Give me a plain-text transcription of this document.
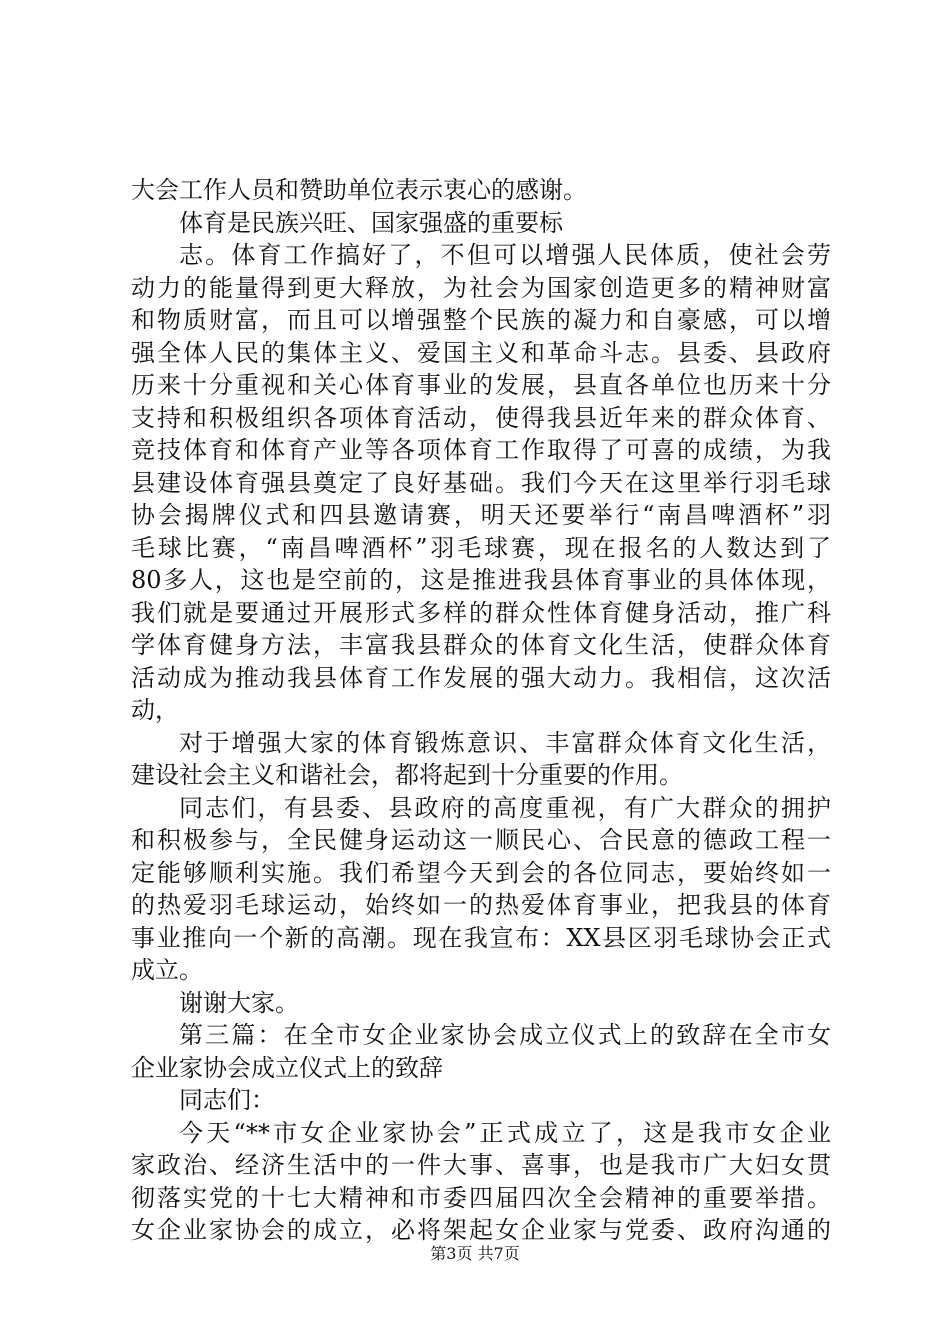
大会工作人员和赞助单位表示衷心的感谢。
体育是民族兴旺、国家强盛的重要标
志。体育工作搞好了，不但可以增强人民体质，使社会劳
动力的能量得到更大释放，为社会为国家创造更多的精神财富
和物质财富，而且可以增强整个民族的凝力和自豪感，可以增
强全体人民的集体主义、爱国主义和革命斗志。县委、县政府
历来十分重视和关心体育事业的发展，县直各单位也历来十分
支持和积极组织各项体育活动，使得我县近年来的群众体育、
竞技体育和体育产业等各项体育工作取得了可喜的成绩，为我
县建设体育强县奠定了良好基础。我们今天在这里举行羽毛球
协会揭牌仪式和四县邀请赛，明天还要举行“南昌啤酒杯”羽
毛球比赛，“南昌啤酒杯”羽毛球赛，现在报名的人数达到了
80多人，这也是空前的，这是推进我县体育事业的具体体现，
我们就是要通过开展形式多样的群众性体育健身活动，推广科
学体育健身方法，丰富我县群众的体育文化生活，使群众体育
活动成为推动我县体育工作发展的强大动力。我相信，这次活
动，
对于增强大家的体育锻炼意识、丰富群众体育文化生活，
建设社会主义和谐社会，都将起到十分重要的作用。
同志们，有县委、县政府的高度重视，有广大群众的拥护
和积极参与，全民健身运动这一顺民心、合民意的德政工程一
定能够顺利实施。我们希望今天到会的各位同志，要始终如一
的热爱羽毛球运动，始终如一的热爱体育事业，把我县的体育
事业推向一个新的高潮。现在我宣布：XX县区羽毛球协会正式
成立。
谢谢大家。
第三篇：在全市女企业家协会成立仪式上的致辞在全市女
企业家协会成立仪式上的致辞
同志们：
今天“**市女企业家协会”正式成立了，这是我市女企业
家政治、经济生活中的一件大事、喜事，也是我市广大妇女贯
彻落实党的十七大精神和市委四届四次全会精神的重要举措。
女企业家协会的成立，必将架起女企业家与党委、政府沟通的
第3页 共7页
